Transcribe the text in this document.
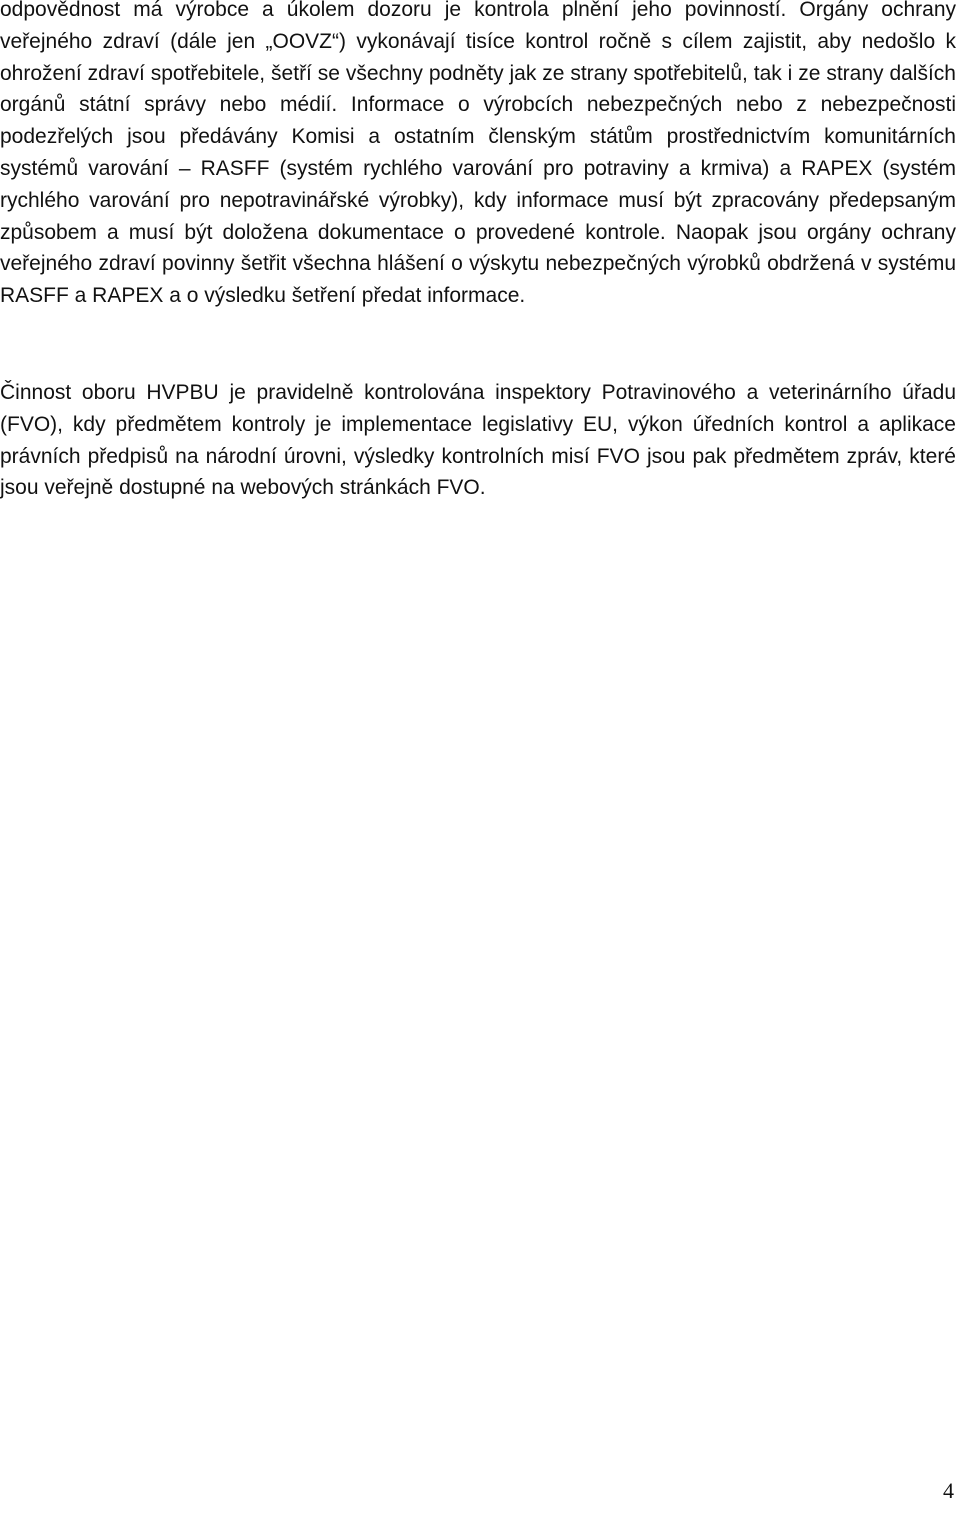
odpovědnost má výrobce a úkolem dozoru je kontrola plnění jeho povinností. Orgány ochrany veřejného zdraví (dále jen „OOVZ“) vykonávají tisíce kontrol ročně s cílem zajistit, aby nedošlo k ohrožení zdraví spotřebitele, šetří se všechny podněty jak ze strany spotřebitelů, tak i ze strany dalších orgánů státní správy nebo médií. Informace o výrobcích nebezpečných nebo z nebezpečnosti podezřelých jsou předávány Komisi a ostatním členským státům prostřednictvím komunitárních systémů varování – RASFF (systém rychlého varování pro potraviny a krmiva) a RAPEX (systém rychlého varování pro nepotravinářské výrobky), kdy informace musí být zpracovány předepsaným způsobem a musí být doložena dokumentace o provedené kontrole. Naopak jsou orgány ochrany veřejného zdraví povinny šetřit všechna hlášení o výskytu nebezpečných výrobků obdržená v systému RASFF a RAPEX a o výsledku šetření předat informace.

Činnost oboru HVPBU je pravidelně kontrolována inspektory Potravinového a veterinárního úřadu (FVO), kdy předmětem kontroly je implementace legislativy EU, výkon úředních kontrol a aplikace právních předpisů na národní úrovni, výsledky kontrolních misí FVO jsou pak předmětem zpráv, které jsou veřejně dostupné na webových stránkách FVO.

4
